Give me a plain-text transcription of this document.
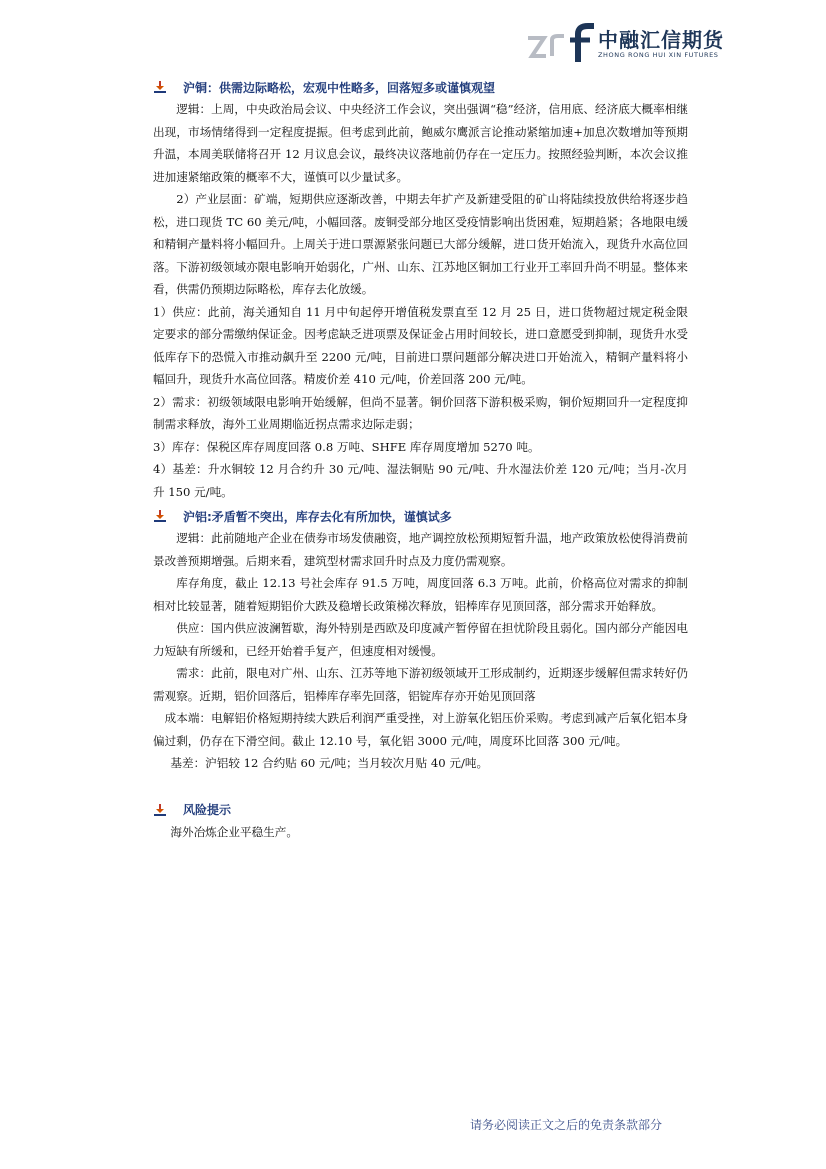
中融汇信期货
ZHONG RONG HUI XIN FUTURES
沪铜：供需边际略松，宏观中性略多，回落短多或谨慎观望

逻辑：上周，中央政治局会议、中央经济工作会议，突出强调“稳”经济，信用底、经济底大概率相继出现，市场情绪得到一定程度提振。但考虑到此前，鲍威尔鹰派言论推动紧缩加速+加息次数增加等预期升温，本周美联储将召开 12 月议息会议，最终决议落地前仍存在一定压力。按照经验判断，本次会议推进加速紧缩政策的概率不大，谨慎可以少量试多。

2）产业层面：矿端，短期供应逐渐改善，中期去年扩产及新建受阻的矿山将陆续投放供给将逐步趋松，进口现货 TC 60 美元/吨，小幅回落。废铜受部分地区受疫情影响出货困难，短期趋紧；各地限电缓和精铜产量料将小幅回升。上周关于进口票源紧张问题已大部分缓解，进口货开始流入，现货升水高位回落。下游初级领域亦限电影响开始弱化，广州、山东、江苏地区铜加工行业开工率回升尚不明显。整体来看，供需仍预期边际略松，库存去化放缓。

1）供应：此前，海关通知自 11 月中旬起停开增值税发票直至 12 月 25 日，进口货物超过规定税金限定要求的部分需缴纳保证金。因考虑缺乏进项票及保证金占用时间较长，进口意愿受到抑制，现货升水受低库存下的恐慌入市推动飙升至 2200 元/吨，目前进口票问题部分解决进口开始流入，精铜产量料将小幅回升，现货升水高位回落。精废价差 410 元/吨，价差回落 200 元/吨。

2）需求：初级领域限电影响开始缓解，但尚不显著。铜价回落下游积极采购，铜价短期回升一定程度抑制需求释放，海外工业周期临近拐点需求边际走弱；

3）库存：保税区库存周度回落 0.8 万吨、SHFE 库存周度增加 5270 吨。

4）基差：升水铜较 12 月合约升 30 元/吨、湿法铜贴 90 元/吨、升水湿法价差 120 元/吨；当月-次月升 150 元/吨。

沪铝:矛盾暂不突出，库存去化有所加快，谨慎试多

逻辑：此前随地产企业在债券市场发债融资，地产调控放松预期短暂升温，地产政策放松使得消费前景改善预期增强。后期来看，建筑型材需求回升时点及力度仍需观察。

库存角度，截止 12.13 号社会库存 91.5 万吨，周度回落 6.3 万吨。此前，价格高位对需求的抑制相对比较显著，随着短期铝价大跌及稳增长政策梯次释放，铝棒库存见顶回落，部分需求开始释放。

供应：国内供应波澜暂歇，海外特别是西欧及印度减产暂停留在担忧阶段且弱化。国内部分产能因电力短缺有所缓和，已经开始着手复产，但速度相对缓慢。

需求：此前，限电对广州、山东、江苏等地下游初级领域开工形成制约，近期逐步缓解但需求转好仍需观察。近期，铝价回落后，铝棒库存率先回落，铝锭库存亦开始见顶回落

成本端：电解铝价格短期持续大跌后利润严重受挫，对上游氧化铝压价采购。考虑到减产后氧化铝本身偏过剩，仍存在下滑空间。截止 12.10 号，氧化铝 3000 元/吨，周度环比回落 300 元/吨。

基差：沪铝较 12 合约贴 60 元/吨；当月较次月贴 40 元/吨。

风险提示

海外冶炼企业平稳生产。

请务必阅读正文之后的免责条款部分
